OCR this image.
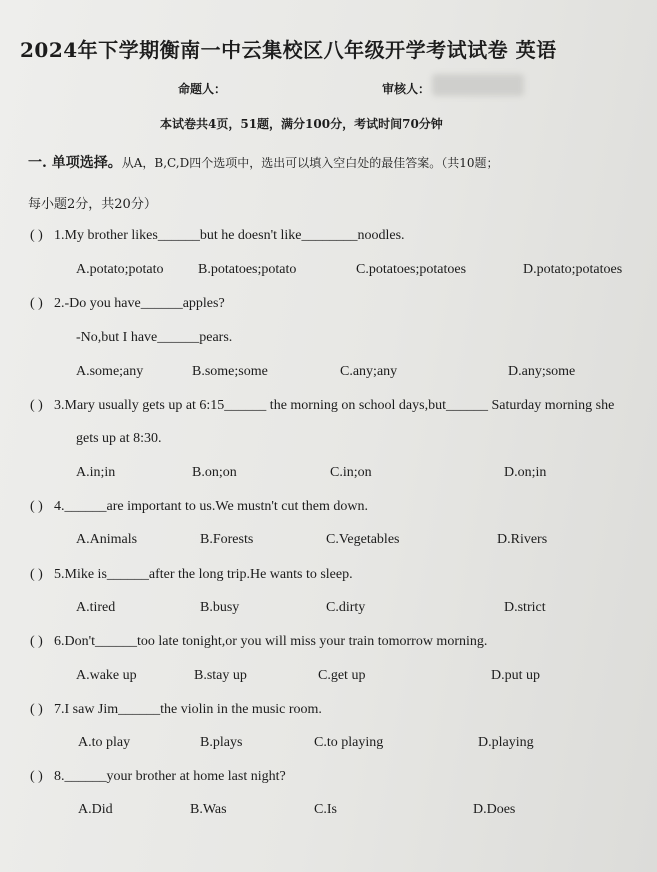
2024年下学期衡南一中云集校区八年级开学考试试卷 英语
命题人：	审核人：
本试卷共4页，51题，满分100分，考试时间70分钟
一. 单项选择。从A，B,C,D四个选项中，选出可以填入空白处的最佳答案。（共10题；
每小题2分，共20分）
( ) 1.My brother likes______but he doesn't like________noodles.
A.potato;potato B.potatoes;potato	C.potatoes;potatoes	D.potato;potatoes
( ) 2.-Do you have______apples?
-No,but I have______pears.
A.some;any	B.some;some	C.any;any	D.any;some
( ) 3.Mary usually gets up at 6:15______ the morning on school days,but______ Saturday morning she
gets up at 8:30.
A.in;in	B.on;on	C.in;on	D.on;in
( ) 4.______are important to us.We mustn't cut them down.
A.Animals	B.Forests	C.Vegetables	D.Rivers
( ) 5.Mike is______after the long trip.He wants to sleep.
A.tired	B.busy	C.dirty	D.strict
( ) 6.Don't______too late tonight,or you will miss your train tomorrow morning.
A.wake up	B.stay up	C.get up	D.put up
( ) 7.I saw Jim______the violin in the music room.
A.to play	B.plays	C.to playing	D.playing
( ) 8.______your brother at home last night?
A.Did	B.Was	C.Is	D.Does
